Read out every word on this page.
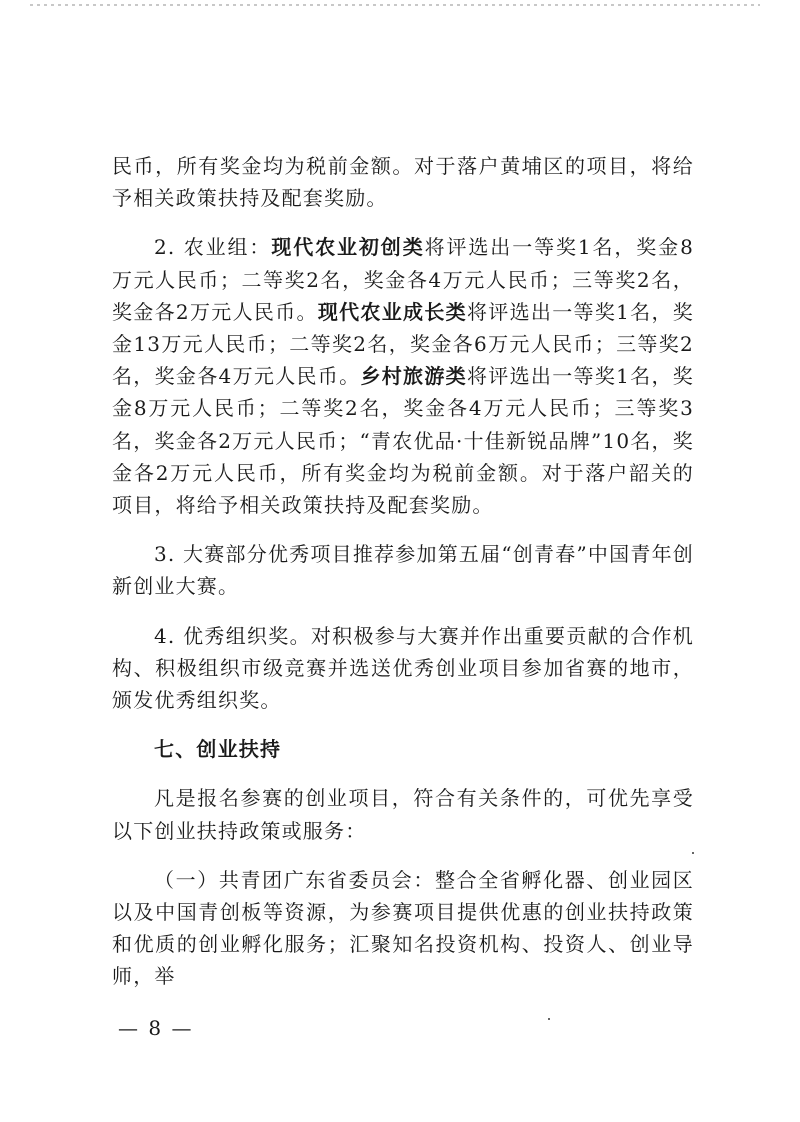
民币，所有奖金均为税前金额。对于落户黄埔区的项目，将给予相关政策扶持及配套奖励。

2. 农业组：现代农业初创类将评选出一等奖1名，奖金8万元人民币；二等奖2名，奖金各4万元人民币；三等奖2名，奖金各2万元人民币。现代农业成长类将评选出一等奖1名，奖金13万元人民币；二等奖2名，奖金各6万元人民币；三等奖2名，奖金各4万元人民币。乡村旅游类将评选出一等奖1名，奖金8万元人民币；二等奖2名，奖金各4万元人民币；三等奖3名，奖金各2万元人民币；“青农优品·十佳新锐品牌”10名，奖金各2万元人民币，所有奖金均为税前金额。对于落户韶关的项目，将给予相关政策扶持及配套奖励。

3. 大赛部分优秀项目推荐参加第五届“创青春”中国青年创新创业大赛。

4. 优秀组织奖。对积极参与大赛并作出重要贡献的合作机构、积极组织市级竞赛并选送优秀创业项目参加省赛的地市，颁发优秀组织奖。

七、创业扶持

凡是报名参赛的创业项目，符合有关条件的，可优先享受以下创业扶持政策或服务：

（一）共青团广东省委员会：整合全省孵化器、创业园区以及中国青创板等资源，为参赛项目提供优惠的创业扶持政策和优质的创业孵化服务；汇聚知名投资机构、投资人、创业导师，举

— 8 —
